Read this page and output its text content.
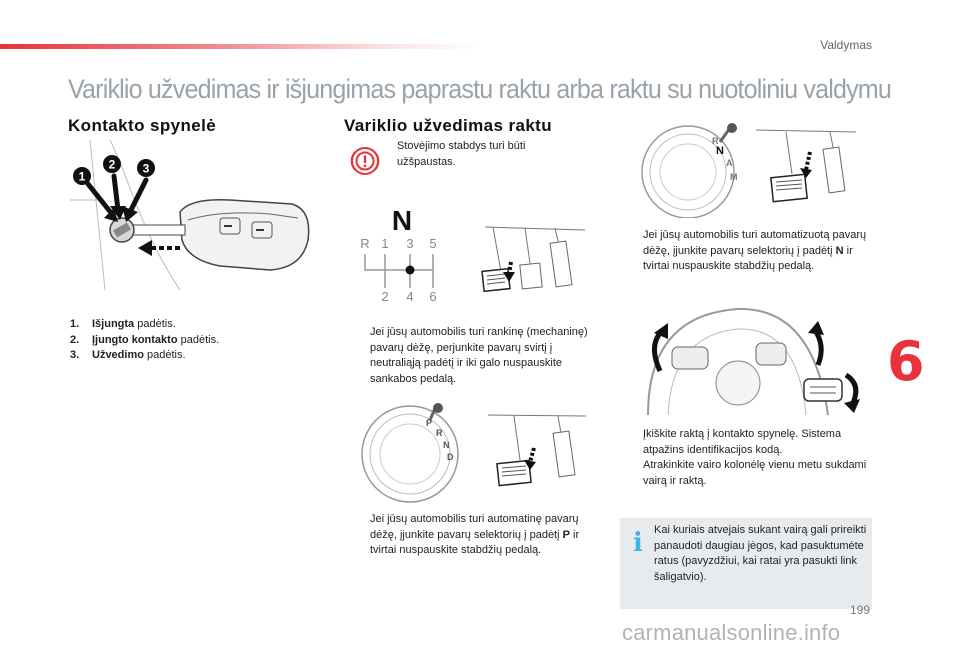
Valdymas
Variklio užvedimas ir išjungimas paprastu raktu arba raktu su nuotoliniu valdymu
Kontakto spynelė
1
2 3
1. Išjungta padėtis.
2. Įjungto kontakto padėtis.
3. Užvedimo padėtis.
Variklio užvedimas raktu
Stovėjimo stabdys turi būti užšpaustas.
N
R 1 3 5
2 4 6
Jei jūsų automobilis turi rankinę (mechaninę) pavarų dėžę, perjunkite pavarų svirtį į neutraliąją padėtį ir iki galo nuspauskite sankabos pedalą.
P
R
N
D
Jei jūsų automobilis turi automatinę pavarų dėžę, įjunkite pavarų selektorių į padėtį P ir tvirtai nuspauskite stabdžių pedalą.
R
N
A
M
Jei jūsų automobilis turi automatizuotą pavarų dėžę, įjunkite pavarų selektorių į padėtį N ir tvirtai nuspauskite stabdžių pedalą.
Įkiškite raktą į kontakto spynelę. Sistema atpažins identifikacijos kodą.
Atrakinkite vairo kolonėlę vienu metu sukdami vairą ir raktą.
i Kai kuriais atvejais sukant vairą gali prireikti panaudoti daugiau jėgos, kad pasuktumėte ratus (pavyzdžiui, kai ratai yra pasukti link šaligatvio).
6
199
carmanualsonline.info
